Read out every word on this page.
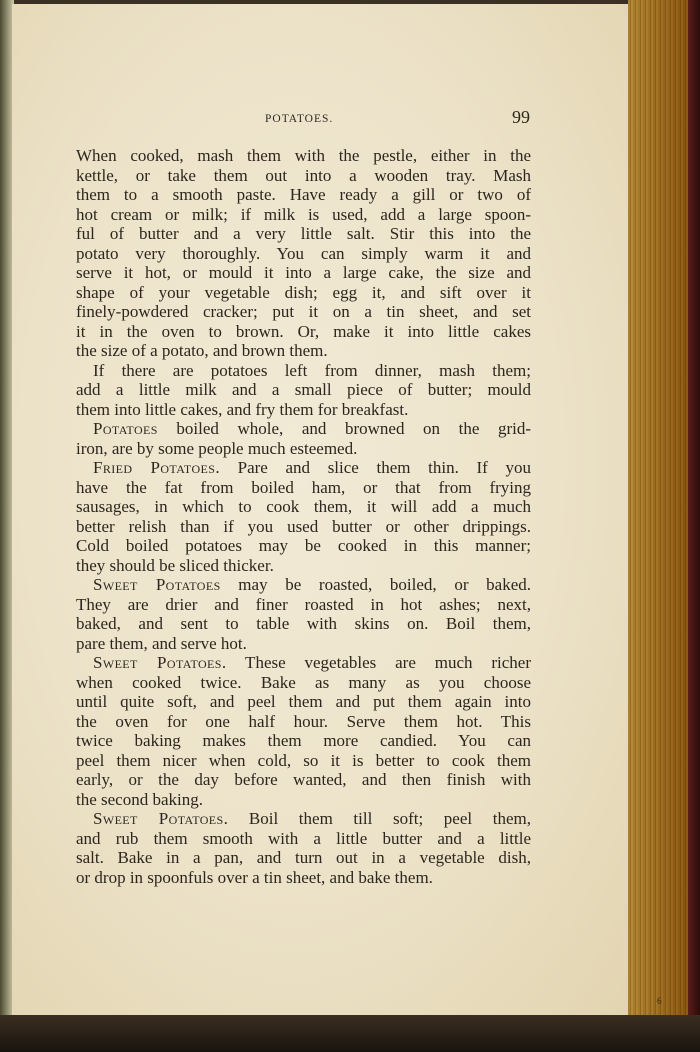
POTATOES.	99
When cooked, mash them with the pestle, either in the
kettle, or take them out into a wooden tray. Mash
them to a smooth paste. Have ready a gill or two of
hot cream or milk; if milk is used, add a large spoon-
ful of butter and a very little salt. Stir this into the
potato very thoroughly. You can simply warm it and
serve it hot, or mould it into a large cake, the size and
shape of your vegetable dish; egg it, and sift over it
finely-powdered cracker; put it on a tin sheet, and set
it in the oven to brown. Or, make it into little cakes
the size of a potato, and brown them.
If there are potatoes left from dinner, mash them;
add a little milk and a small piece of butter; mould
them into little cakes, and fry them for breakfast.
Potatoes boiled whole, and browned on the grid-
iron, are by some people much esteemed.
Fried Potatoes. Pare and slice them thin. If you
have the fat from boiled ham, or that from frying
sausages, in which to cook them, it will add a much
better relish than if you used butter or other drippings.
Cold boiled potatoes may be cooked in this manner;
they should be sliced thicker.
Sweet Potatoes may be roasted, boiled, or baked.
They are drier and finer roasted in hot ashes; next,
baked, and sent to table with skins on. Boil them,
pare them, and serve hot.
Sweet Potatoes. These vegetables are much richer
when cooked twice. Bake as many as you choose
until quite soft, and peel them and put them again into
the oven for one half hour. Serve them hot. This
twice baking makes them more candied. You can
peel them nicer when cold, so it is better to cook them
early, or the day before wanted, and then finish with
the second baking.
Sweet Potatoes. Boil them till soft; peel them,
and rub them smooth with a little butter and a little
salt. Bake in a pan, and turn out in a vegetable dish,
or drop in spoonfuls over a tin sheet, and bake them.
6
